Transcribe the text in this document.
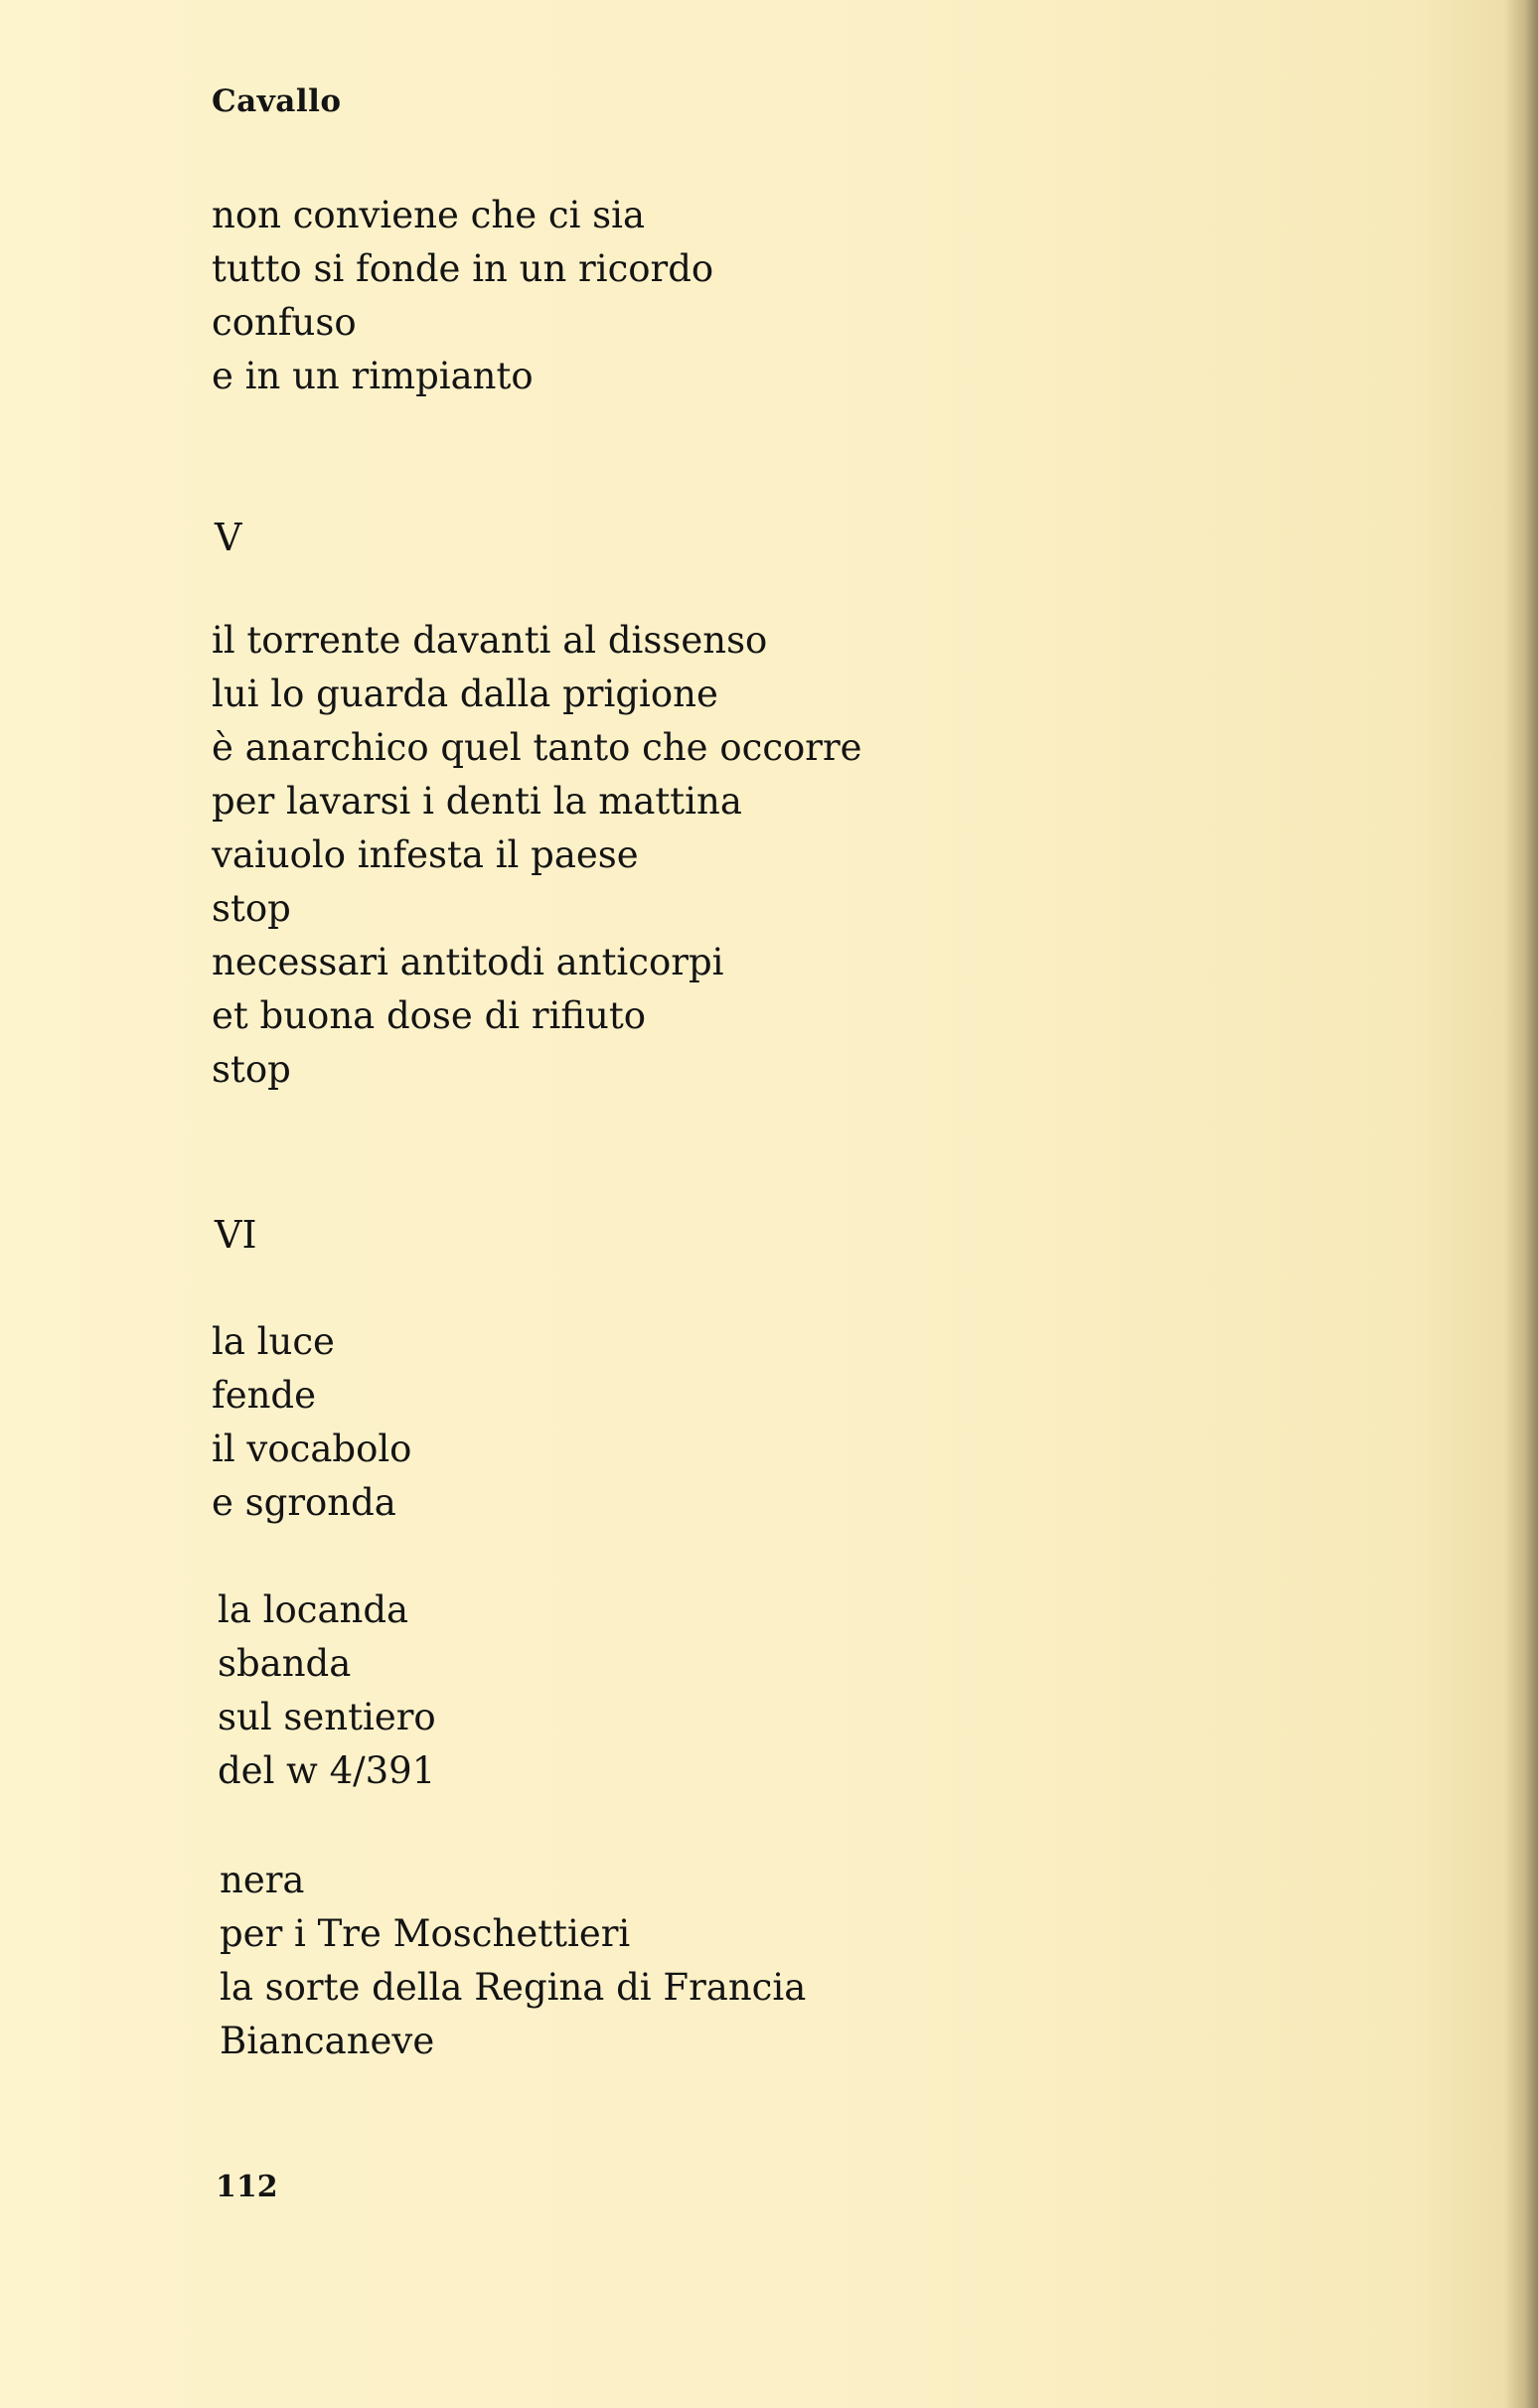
Cavallo

non conviene che ci sia
tutto si fonde in un ricordo
confuso
e in un rimpianto
V
il torrente davanti al dissenso
lui lo guarda dalla prigione
è anarchico quel tanto che occorre
per lavarsi i denti la mattina
vaiuolo infesta il paese
stop
necessari antitodi anticorpi
et buona dose di rifiuto
stop
VI
la luce
fende
il vocabolo
e sgronda
la locanda
sbanda
sul sentiero
del w 4/391
nera
per i Tre Moschettieri
la sorte della Regina di Francia
Biancaneve

112
